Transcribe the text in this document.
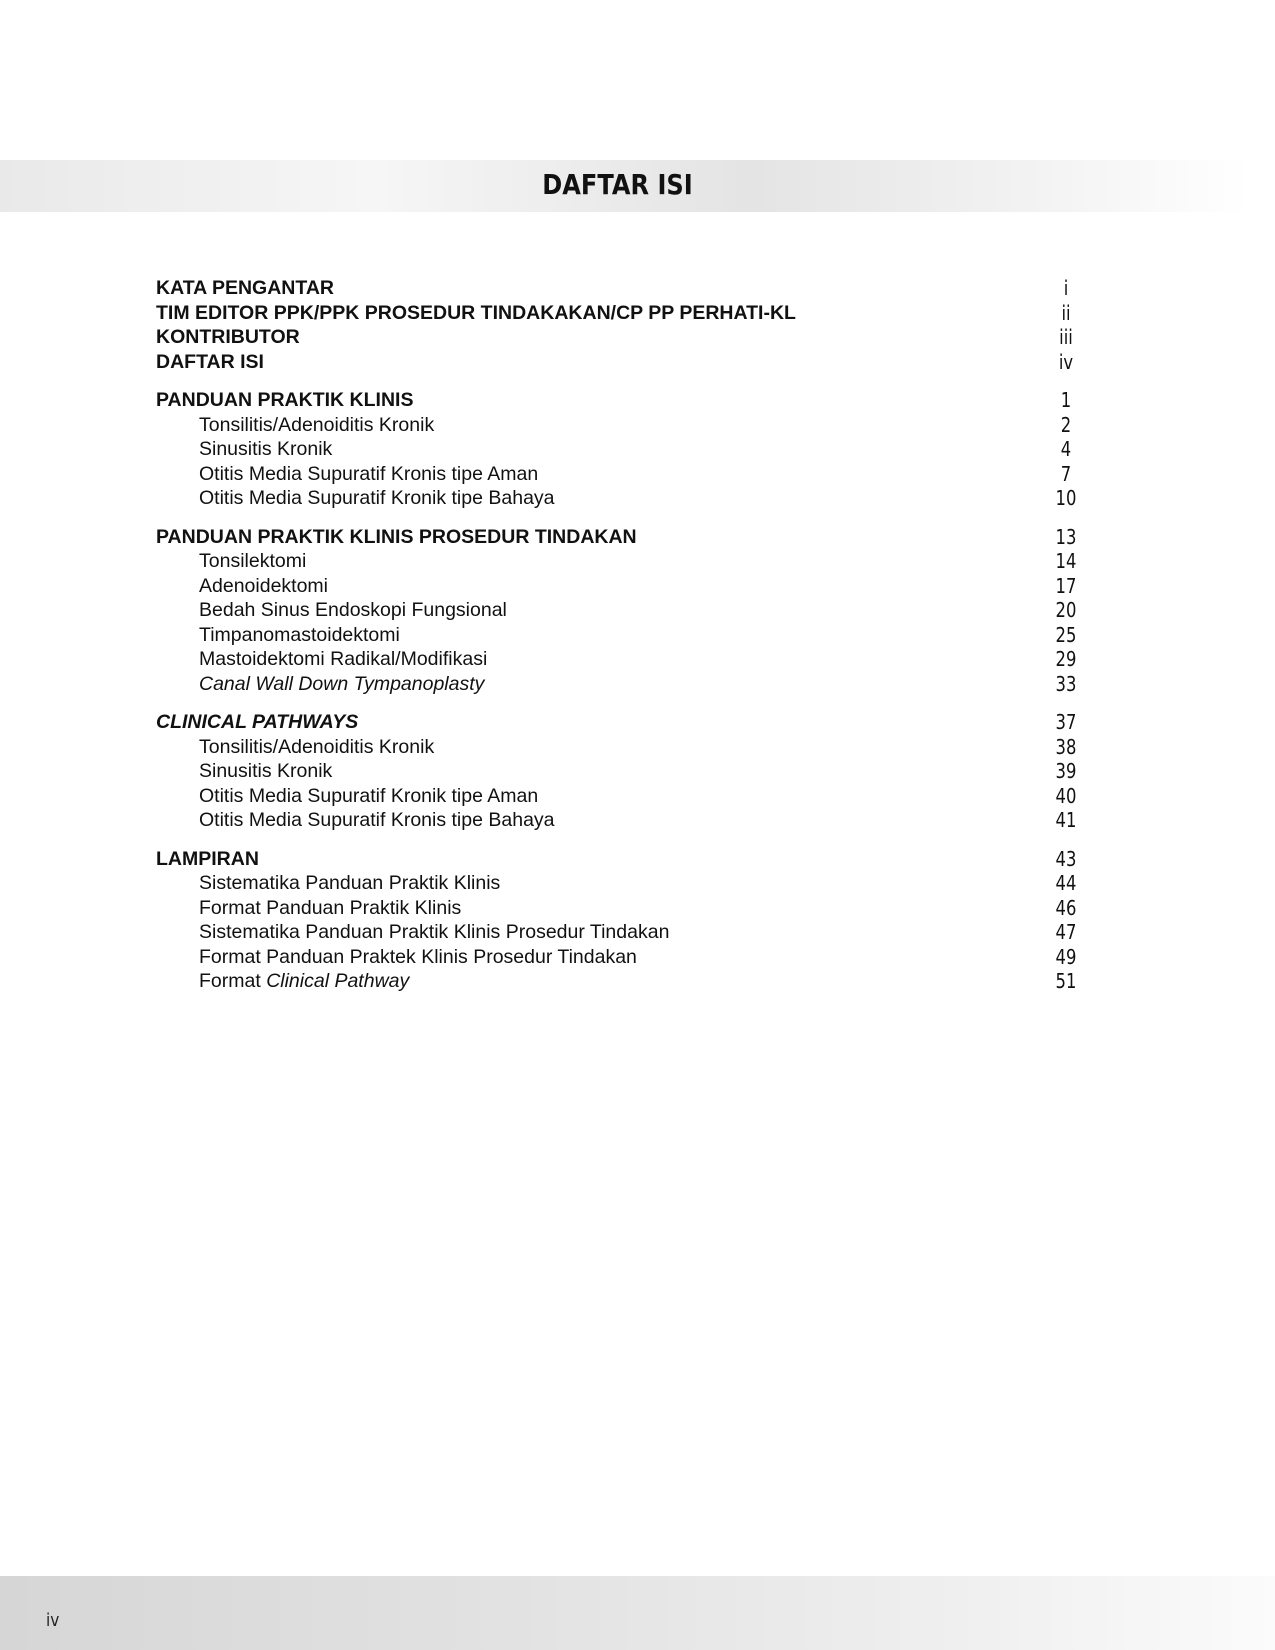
DAFTAR ISI
KATA PENGANTAR	i
TIM EDITOR PPK/PPK PROSEDUR TINDAKAKAN/CP PP PERHATI-KL	ii
KONTRIBUTOR	iii
DAFTAR ISI	iv
PANDUAN PRAKTIK KLINIS	1
Tonsilitis/Adenoiditis Kronik	2
Sinusitis Kronik	4
Otitis Media Supuratif Kronis tipe Aman	7
Otitis Media Supuratif Kronik tipe Bahaya	10
PANDUAN PRAKTIK KLINIS PROSEDUR TINDAKAN	13
Tonsilektomi	14
Adenoidektomi	17
Bedah Sinus Endoskopi Fungsional	20
Timpanomastoidektomi	25
Mastoidektomi Radikal/Modifikasi	29
Canal Wall Down Tympanoplasty	33
CLINICAL PATHWAYS	37
Tonsilitis/Adenoiditis Kronik	38
Sinusitis Kronik	39
Otitis Media Supuratif Kronik tipe Aman	40
Otitis Media Supuratif Kronis tipe Bahaya	41
LAMPIRAN	43
Sistematika Panduan Praktik Klinis	44
Format Panduan Praktik Klinis	46
Sistematika Panduan Praktik Klinis Prosedur Tindakan	47
Format Panduan Praktek Klinis Prosedur Tindakan	49
Format Clinical Pathway	51
iv
